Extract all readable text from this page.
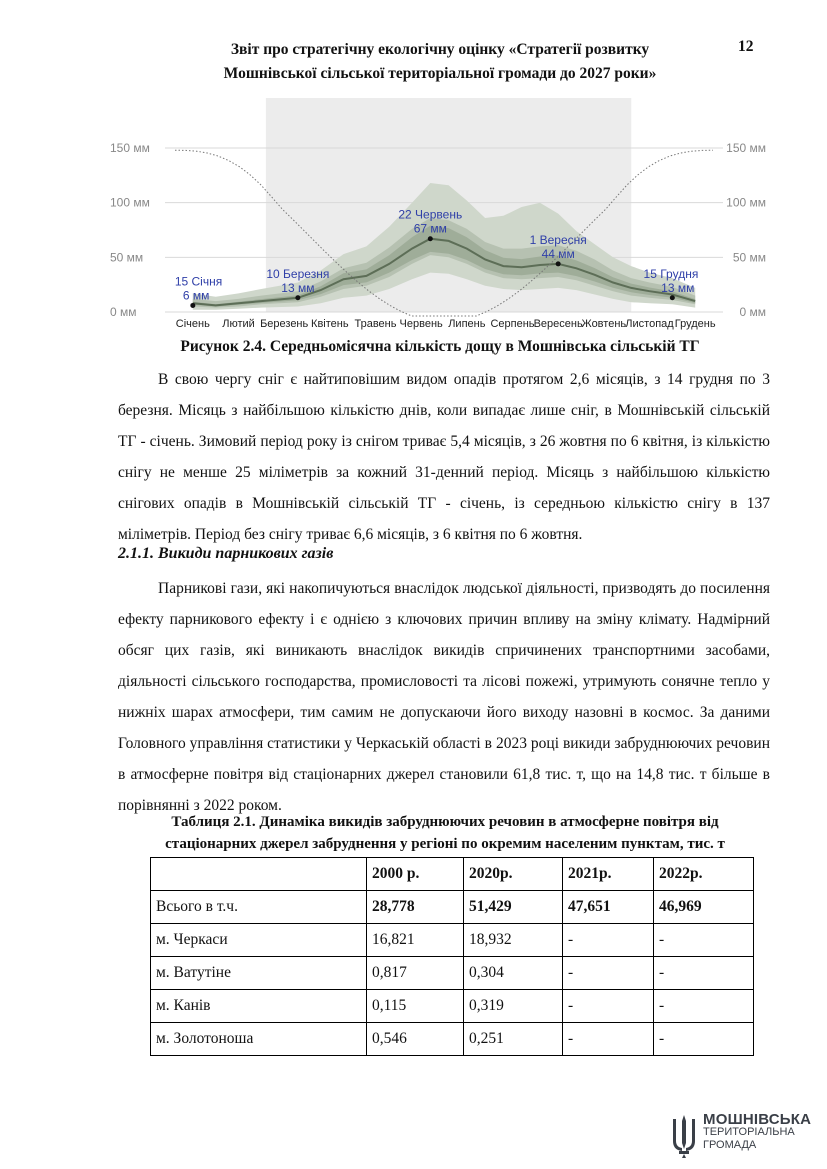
Звіт про стратегічну екологічну оцінку «Стратегії розвитку
Мошнівської сільської територіальної громади до 2027 роки»
12
0 мм	0 мм
50 мм	50 мм
100 мм	100 мм
150 мм	150 мм
Січень Лютий Березень Квітень Травень Червень Липень Серпень Вересень
Жовтень Листопад Грудень
15 Січня
6 мм
10 Березня
13 мм
22 Червень
67 мм
1 Вересня
44 мм
15 Грудня
13 мм
Рисунок 2.4. Середньомісячна кількість дощу в Мошнівська сільській ТГ

В свою чергу сніг є найтиповішим видом опадів протягом 2,6 місяців, з 14 грудня по 3 березня. Місяць з найбільшою кількістю днів, коли випадає лише сніг, в Мошнівській сільській ТГ - січень. Зимовий період року із снігом триває 5,4 місяців, з 26 жовтня по 6 квітня, із кількістю снігу не менше 25 міліметрів за кожний 31-денний період. Місяць з найбільшою кількістю снігових опадів в Мошнівській сільській ТГ - січень, із середньою кількістю снігу в 137 міліметрів. Період без снігу триває 6,6 місяців, з 6 квітня по 6 жовтня.

2.1.1. Викиди парникових газів

Парникові гази, які накопичуються внаслідок людської діяльності, призводять до посилення ефекту парникового ефекту і є однією з ключових причин впливу на зміну клімату. Надмірний обсяг цих газів, які виникають внаслідок викидів спричинених транспортними засобами, діяльності сільського господарства, промисловості та лісові пожежі, утримують сонячне тепло у нижніх шарах атмосфери, тим самим не допускаючи його виходу назовні в космос. За даними Головного управління статистики у Черкаській області в 2023 році викиди забруднюючих речовин в атмосферне повітря від стаціонарних джерел становили 61,8 тис. т, що на 14,8 тис. т більше в порівнянні з 2022 роком.

Таблиця 2.1. Динаміка викидів забруднюючих речовин в атмосферне повітря від
стаціонарних джерел забруднення у регіоні по окремим населеним пунктам, тис. т
	2000 р.	2020р.	2021р.	2022р.
Всього в т.ч.	28,778	51,429	47,651	46,969
м. Черкаси	16,821	18,932	-	-
м. Ватутіне	0,817	0,304	-	-
м. Канів	0,115	0,319	-	-
м. Золотоноша	0,546	0,251	-	-
МОШНІВСЬКА
ТЕРИТОРІАЛЬНА
ГРОМАДА
